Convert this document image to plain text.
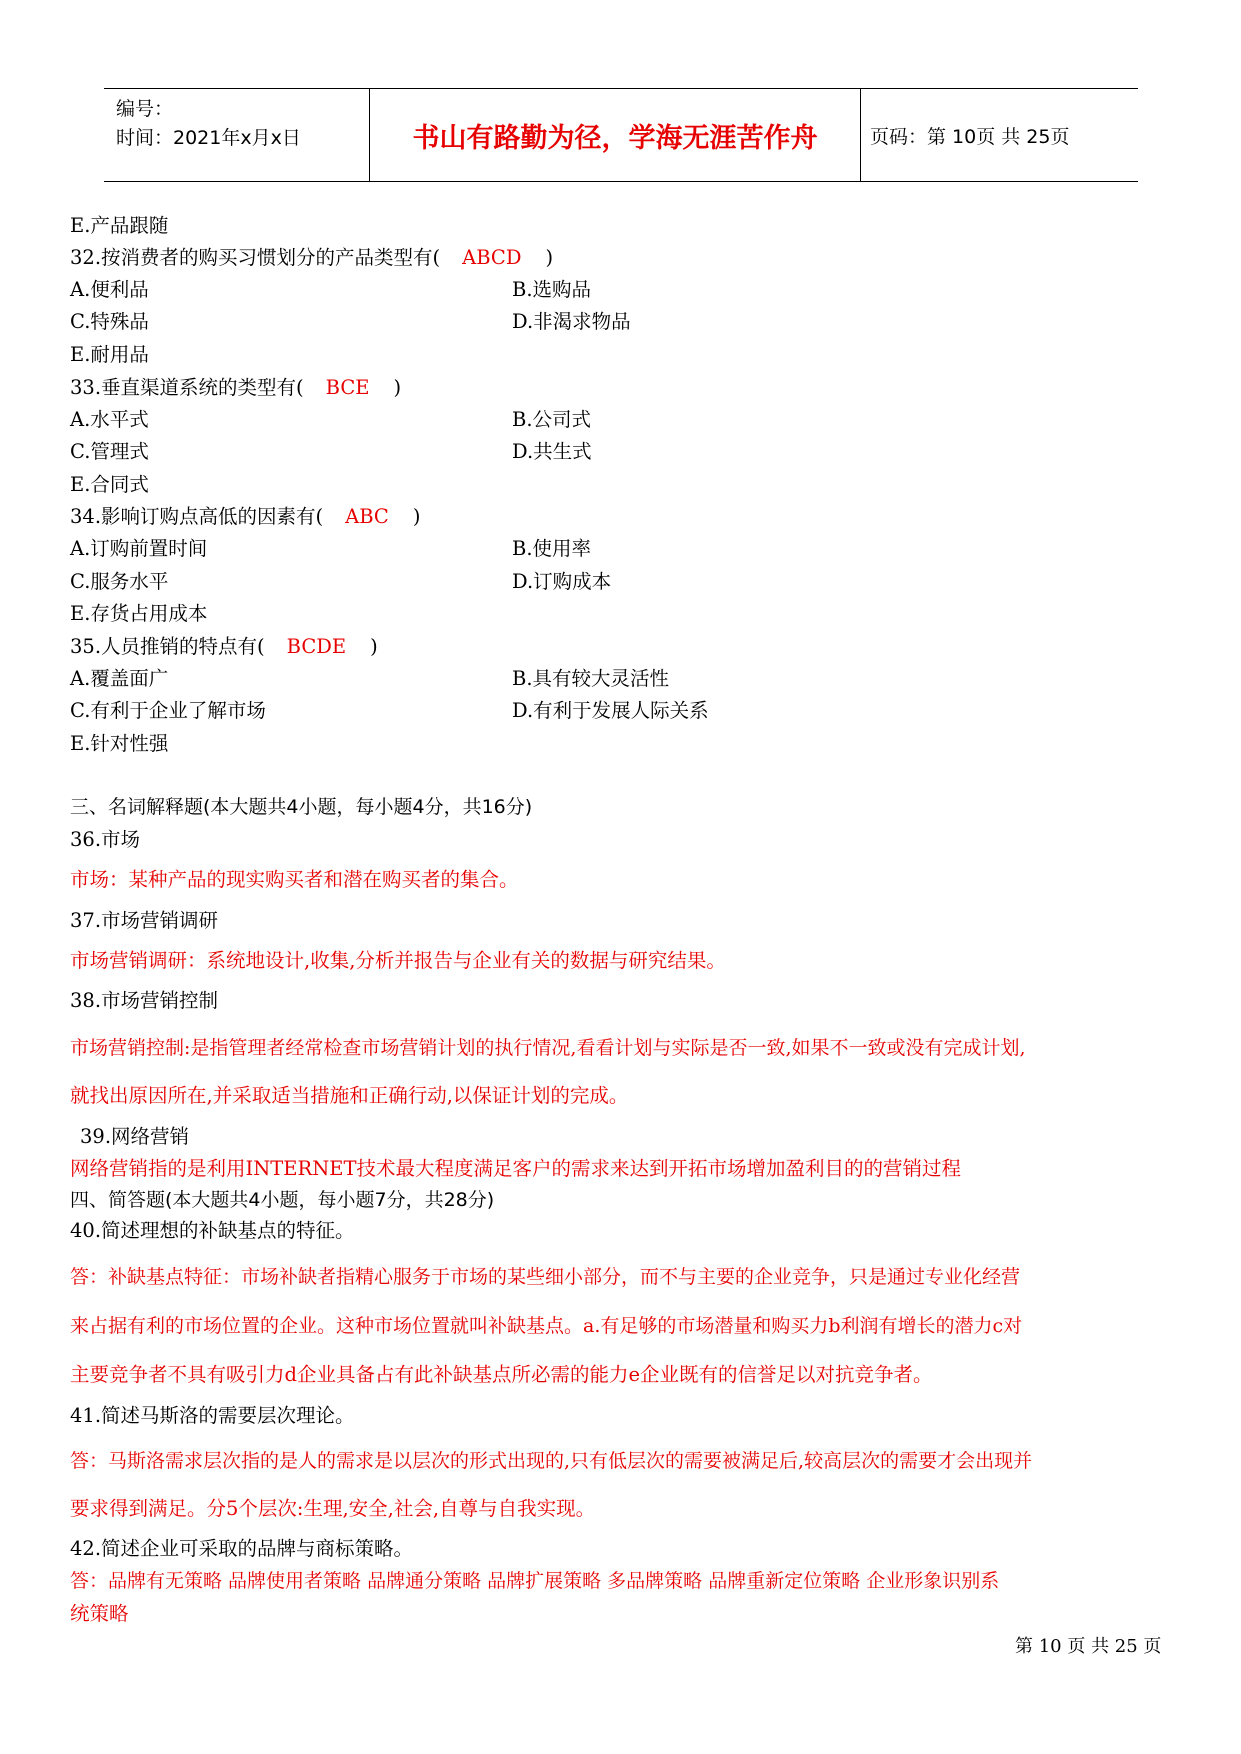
编号：
时间：2021年x月x日	书山有路勤为径，学海无涯苦作舟	页码：第 10页 共 25页
E.产品跟随
32.按消费者的购买习惯划分的产品类型有( ABCD )
A.便利品	B.选购品
C.特殊品	D.非渴求物品
E.耐用品
33.垂直渠道系统的类型有( BCE )
A.水平式	B.公司式
C.管理式	D.共生式
E.合同式
34.影响订购点高低的因素有( ABC )
A.订购前置时间	B.使用率
C.服务水平	D.订购成本
E.存货占用成本
35.人员推销的特点有( BCDE )
A.覆盖面广	B.具有较大灵活性
C.有利于企业了解市场	D.有利于发展人际关系
E.针对性强
三、名词解释题(本大题共4小题，每小题4分，共16分)
36.市场
市场：某种产品的现实购买者和潜在购买者的集合。
37.市场营销调研
市场营销调研：系统地设计,收集,分析并报告与企业有关的数据与研究结果。
38.市场营销控制
市场营销控制:是指管理者经常检查市场营销计划的执行情况,看看计划与实际是否一致,如果不一致或没有完成计划,
就找出原因所在,并采取适当措施和正确行动,以保证计划的完成。
39.网络营销
网络营销指的是利用INTERNET技术最大程度满足客户的需求来达到开拓市场增加盈利目的的营销过程
四、简答题(本大题共4小题，每小题7分，共28分)
40.简述理想的补缺基点的特征。
答：补缺基点特征：市场补缺者指精心服务于市场的某些细小部分，而不与主要的企业竞争，只是通过专业化经营
来占据有利的市场位置的企业。这种市场位置就叫补缺基点。a.有足够的市场潜量和购买力b利润有增长的潜力c对
主要竞争者不具有吸引力d企业具备占有此补缺基点所必需的能力e企业既有的信誉足以对抗竞争者。
41.简述马斯洛的需要层次理论。
答：马斯洛需求层次指的是人的需求是以层次的形式出现的,只有低层次的需要被满足后,较高层次的需要才会出现并
要求得到满足。分5个层次:生理,安全,社会,自尊与自我实现。
42.简述企业可采取的品牌与商标策略。
答：品牌有无策略 品牌使用者策略 品牌通分策略 品牌扩展策略 多品牌策略 品牌重新定位策略 企业形象识别系
统策略
第 10 页 共 25 页
